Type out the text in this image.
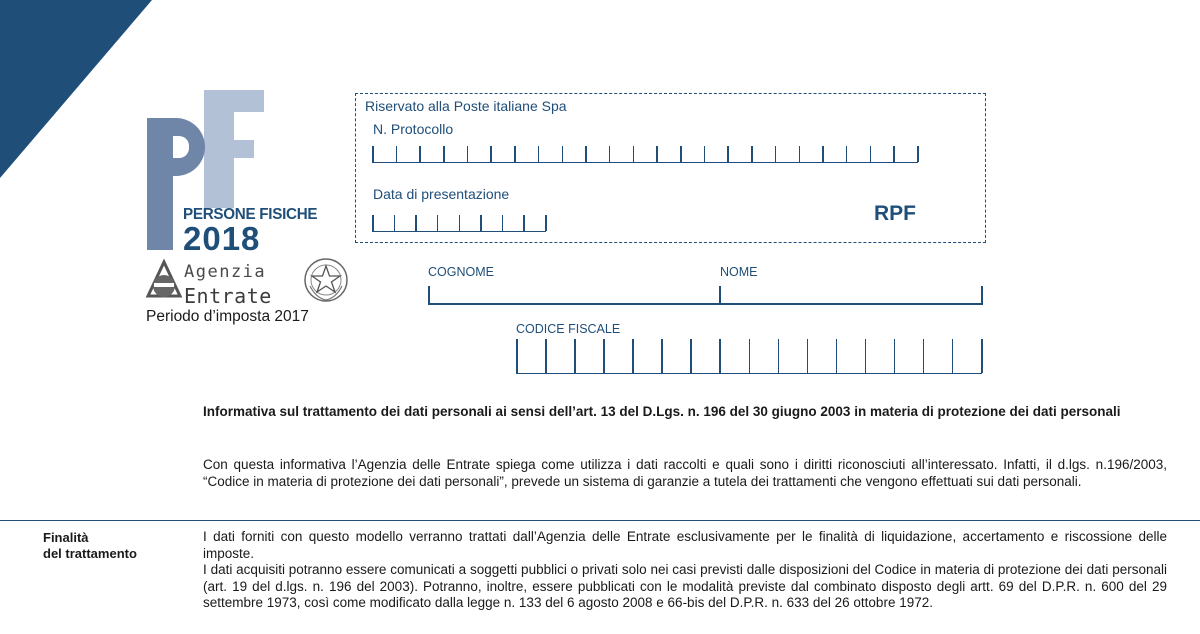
PERSONE FISICHE
2018
Agenzia
Entrate
Periodo d’imposta 2017
Riservato alla Poste italiane Spa
N. Protocollo
Data di presentazione
RPF
COGNOME	NOME
CODICE FISCALE
Informativa sul trattamento dei dati personali ai sensi dell’art. 13 del D.Lgs. n. 196 del 30 giugno 2003 in materia di protezione dei dati personali
Con questa informativa l’Agenzia delle Entrate spiega come utilizza i dati raccolti e quali sono i diritti riconosciuti all’interessato. Infatti, il d.lgs. n.196/2003, “Codice in materia di protezione dei dati personali”, prevede un sistema di garanzie a tutela dei trattamenti che vengono effettuati sui dati personali.
Finalità
del trattamento

I dati forniti con questo modello verranno trattati dall’Agenzia delle Entrate esclusivamente per le finalità di liquidazione, accertamento e riscossione delle imposte.

I dati acquisiti potranno essere comunicati a soggetti pubblici o privati solo nei casi previsti dalle disposizioni del Codice in materia di protezione dei dati personali (art. 19 del d.lgs. n. 196 del 2003). Potranno, inoltre, essere pubblicati con le modalità previste dal combinato disposto degli artt. 69 del D.P.R. n. 600 del 29 settembre 1973, così come modificato dalla legge n. 133 del 6 agosto 2008 e 66-bis del D.P.R. n. 633 del 26 ottobre 1972.
